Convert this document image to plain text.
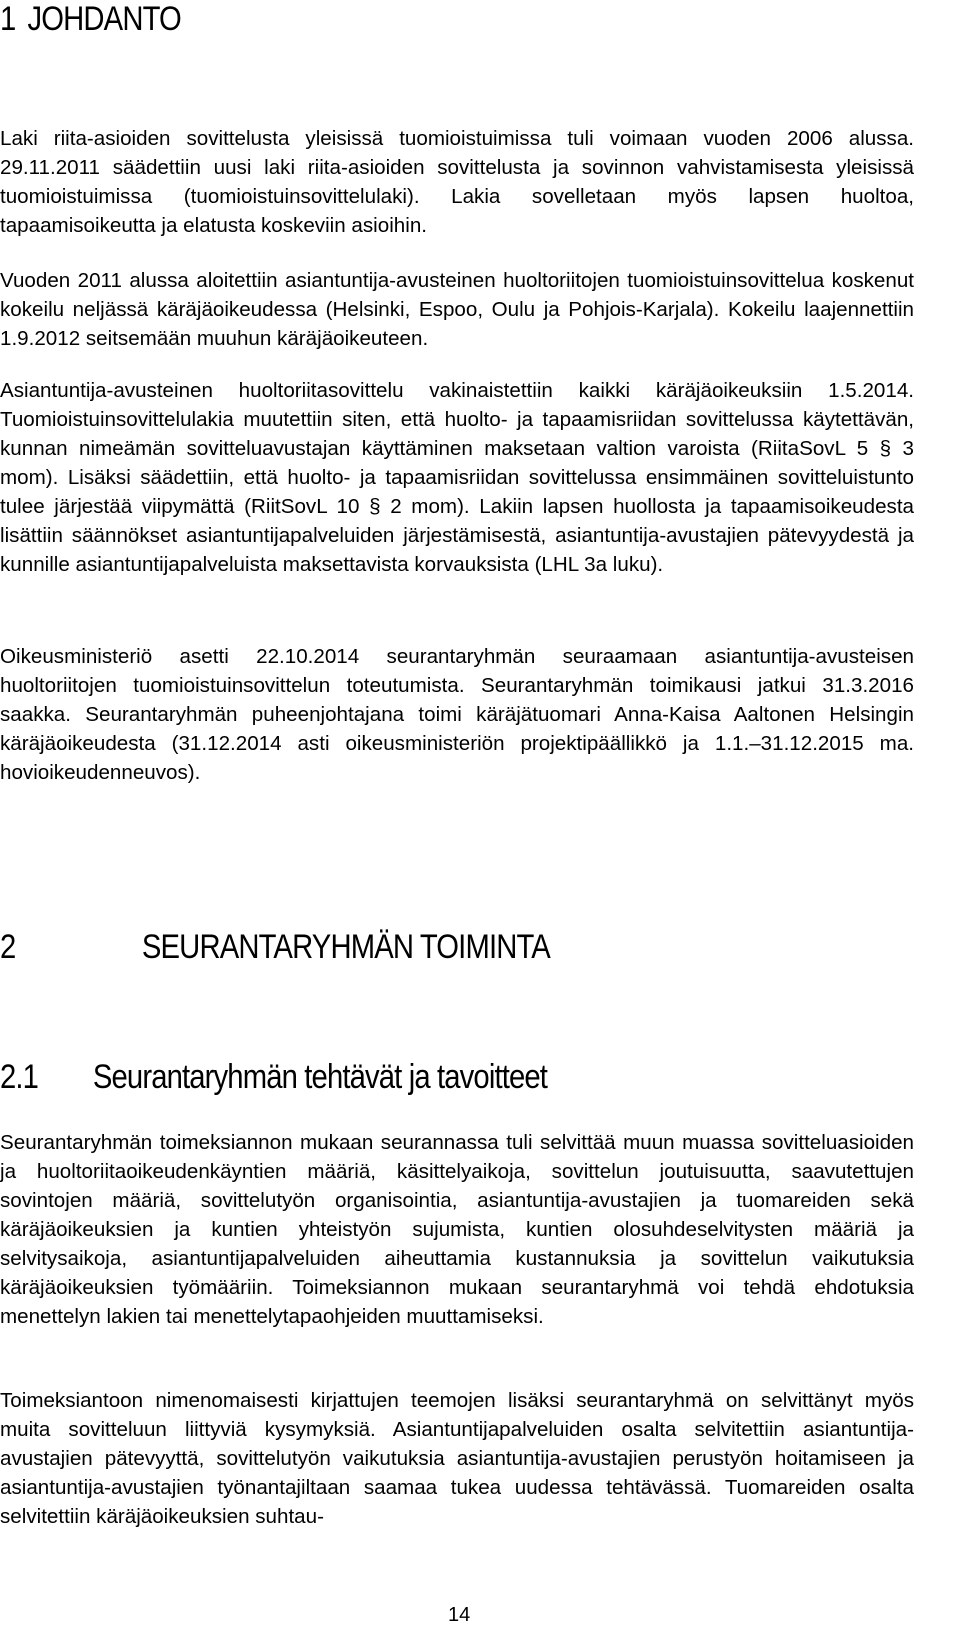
1 JOHDANTO

Laki riita-asioiden sovittelusta yleisissä tuomioistuimissa tuli voimaan vuoden 2006 alussa. 29.11.2011 säädettiin uusi laki riita-asioiden sovittelusta ja sovinnon vahvistamisesta yleisissä tuomioistuimissa (tuomioistuinsovittelulaki). Lakia sovelletaan myös lapsen huoltoa, tapaamisoikeutta ja elatusta koskeviin asioihin.

Vuoden 2011 alussa aloitettiin asiantuntija-avusteinen huoltoriitojen tuomioistuinsovittelua koskenut kokeilu neljässä käräjäoikeudessa (Helsinki, Espoo, Oulu ja Pohjois-Karjala). Kokeilu laajennettiin 1.9.2012 seitsemään muuhun käräjäoikeuteen.

Asiantuntija-avusteinen huoltoriitasovittelu vakinaistettiin kaikki käräjäoikeuksiin 1.5.2014. Tuomioistuinsovittelulakia muutettiin siten, että huolto- ja tapaamisriidan sovittelussa käytettävän, kunnan nimeämän sovitteluavustajan käyttäminen maksetaan valtion varoista (RiitaSovL 5 § 3 mom). Lisäksi säädettiin, että huolto- ja tapaamisriidan sovittelussa ensimmäinen sovitteluistunto tulee järjestää viipymättä (RiitSovL 10 § 2 mom). Lakiin lapsen huollosta ja tapaamisoikeudesta lisättiin säännökset asiantuntijapalveluiden järjestämisestä, asiantuntija-avustajien pätevyydestä ja kunnille asiantuntijapalveluista maksettavista korvauksista (LHL 3a luku).

Oikeusministeriö asetti 22.10.2014 seurantaryhmän seuraamaan asiantuntija-avusteisen huoltoriitojen tuomioistuinsovittelun toteutumista. Seurantaryhmän toimikausi jatkui 31.3.2016 saakka. Seurantaryhmän puheenjohtajana toimi käräjätuomari Anna-Kaisa Aaltonen Helsingin käräjäoikeudesta (31.12.2014 asti oikeusministeriön projektipäällikkö ja 1.1.–31.12.2015 ma. hovioikeudenneuvos).

2	SEURANTARYHMÄN TOIMINTA
2.1 Seurantaryhmän tehtävät ja tavoitteet

Seurantaryhmän toimeksiannon mukaan seurannassa tuli selvittää muun muassa sovitteluasioiden ja huoltoriitaoikeudenkäyntien määriä, käsittelyaikoja, sovittelun joutuisuutta, saavutettujen sovintojen määriä, sovittelutyön organisointia, asiantuntija-avustajien ja tuomareiden sekä käräjäoikeuksien ja kuntien yhteistyön sujumista, kuntien olosuhdeselvitysten määriä ja selvitysaikoja, asiantuntijapalveluiden aiheuttamia kustannuksia ja sovittelun vaikutuksia käräjäoikeuksien työmääriin. Toimeksiannon mukaan seurantaryhmä voi tehdä ehdotuksia menettelyn lakien tai menettelytapaohjeiden muuttamiseksi.

Toimeksiantoon nimenomaisesti kirjattujen teemojen lisäksi seurantaryhmä on selvittänyt myös muita sovitteluun liittyviä kysymyksiä. Asiantuntijapalveluiden osalta selvitettiin asiantuntija-avustajien pätevyyttä, sovittelutyön vaikutuksia asiantuntija-avustajien perustyön hoitamiseen ja asiantuntija-avustajien työnantajiltaan saamaa tukea uudessa tehtävässä. Tuomareiden osalta selvitettiin käräjäoikeuksien suhtau-

14
